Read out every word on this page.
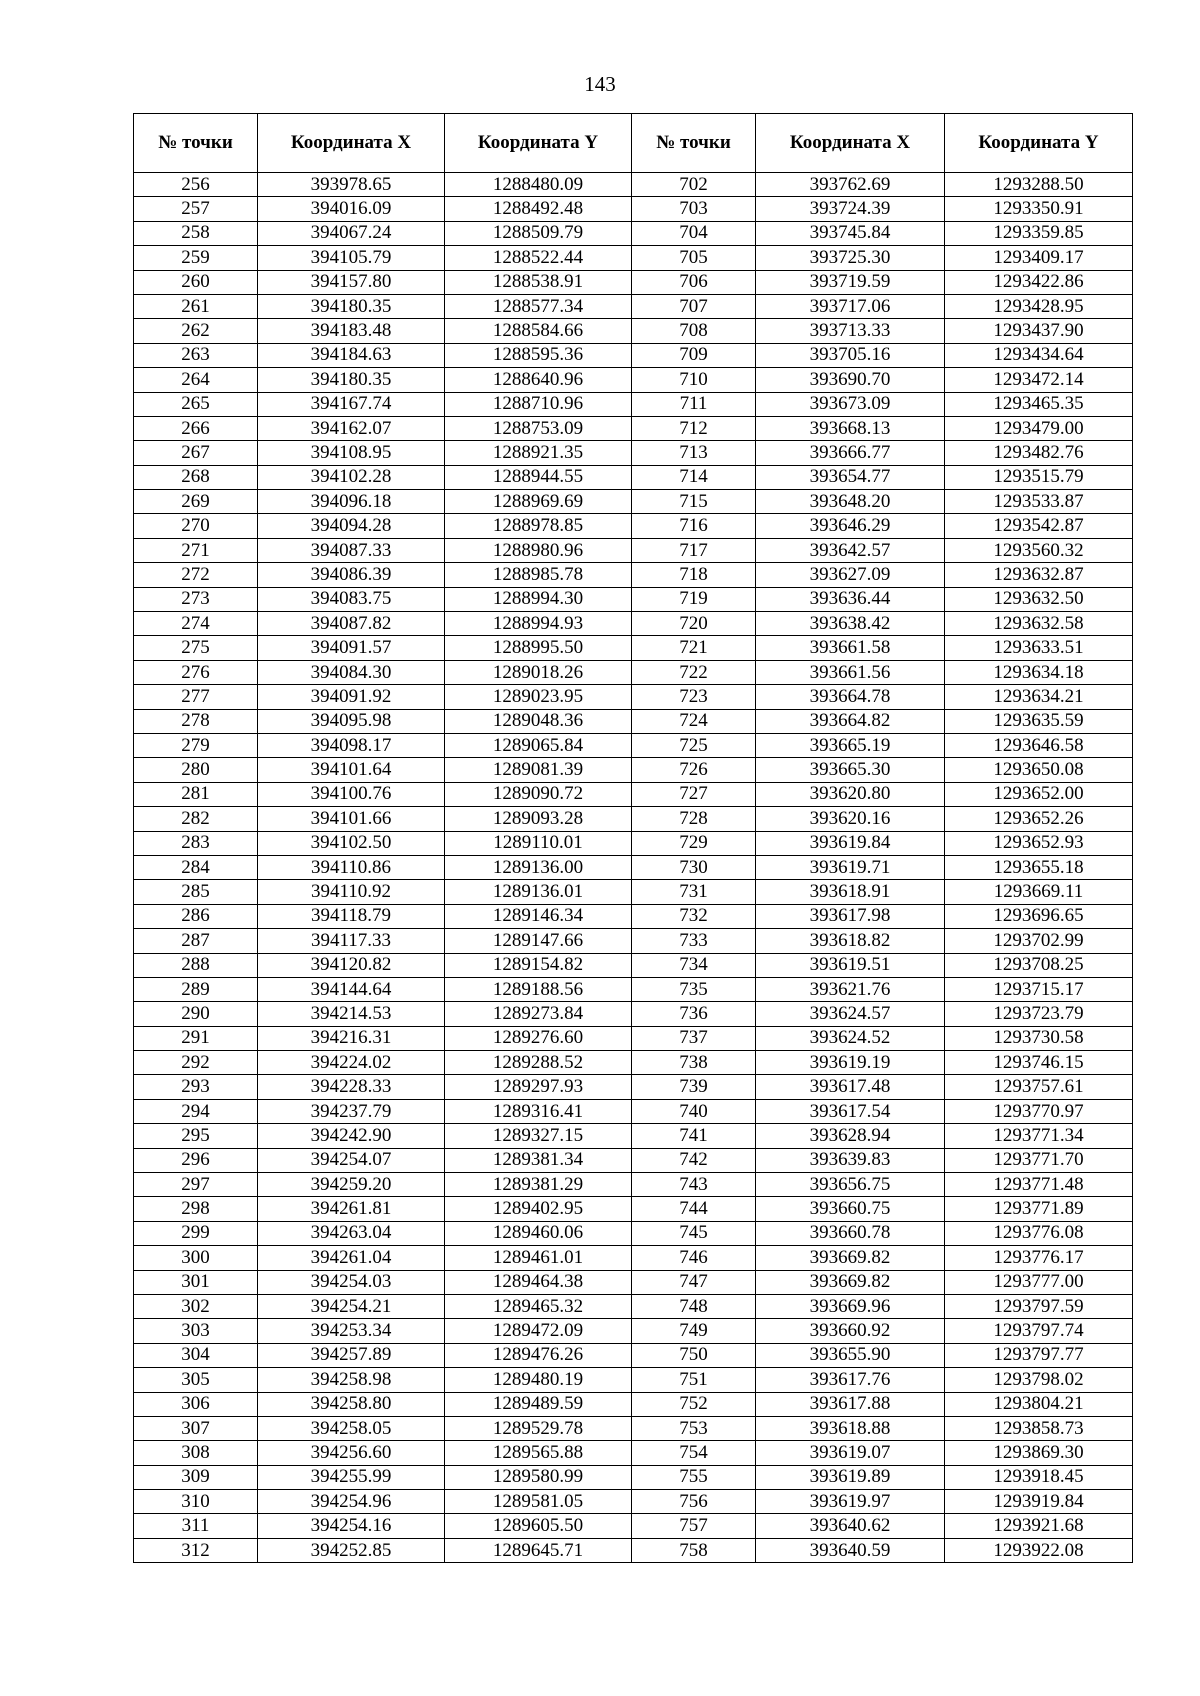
143
№ точки	Координата X	Координата Y	№ точки	Координата X	Координата Y
256	393978.65	1288480.09	702	393762.69	1293288.50
257	394016.09	1288492.48	703	393724.39	1293350.91
258	394067.24	1288509.79	704	393745.84	1293359.85
259	394105.79	1288522.44	705	393725.30	1293409.17
260	394157.80	1288538.91	706	393719.59	1293422.86
261	394180.35	1288577.34	707	393717.06	1293428.95
262	394183.48	1288584.66	708	393713.33	1293437.90
263	394184.63	1288595.36	709	393705.16	1293434.64
264	394180.35	1288640.96	710	393690.70	1293472.14
265	394167.74	1288710.96	711	393673.09	1293465.35
266	394162.07	1288753.09	712	393668.13	1293479.00
267	394108.95	1288921.35	713	393666.77	1293482.76
268	394102.28	1288944.55	714	393654.77	1293515.79
269	394096.18	1288969.69	715	393648.20	1293533.87
270	394094.28	1288978.85	716	393646.29	1293542.87
271	394087.33	1288980.96	717	393642.57	1293560.32
272	394086.39	1288985.78	718	393627.09	1293632.87
273	394083.75	1288994.30	719	393636.44	1293632.50
274	394087.82	1288994.93	720	393638.42	1293632.58
275	394091.57	1288995.50	721	393661.58	1293633.51
276	394084.30	1289018.26	722	393661.56	1293634.18
277	394091.92	1289023.95	723	393664.78	1293634.21
278	394095.98	1289048.36	724	393664.82	1293635.59
279	394098.17	1289065.84	725	393665.19	1293646.58
280	394101.64	1289081.39	726	393665.30	1293650.08
281	394100.76	1289090.72	727	393620.80	1293652.00
282	394101.66	1289093.28	728	393620.16	1293652.26
283	394102.50	1289110.01	729	393619.84	1293652.93
284	394110.86	1289136.00	730	393619.71	1293655.18
285	394110.92	1289136.01	731	393618.91	1293669.11
286	394118.79	1289146.34	732	393617.98	1293696.65
287	394117.33	1289147.66	733	393618.82	1293702.99
288	394120.82	1289154.82	734	393619.51	1293708.25
289	394144.64	1289188.56	735	393621.76	1293715.17
290	394214.53	1289273.84	736	393624.57	1293723.79
291	394216.31	1289276.60	737	393624.52	1293730.58
292	394224.02	1289288.52	738	393619.19	1293746.15
293	394228.33	1289297.93	739	393617.48	1293757.61
294	394237.79	1289316.41	740	393617.54	1293770.97
295	394242.90	1289327.15	741	393628.94	1293771.34
296	394254.07	1289381.34	742	393639.83	1293771.70
297	394259.20	1289381.29	743	393656.75	1293771.48
298	394261.81	1289402.95	744	393660.75	1293771.89
299	394263.04	1289460.06	745	393660.78	1293776.08
300	394261.04	1289461.01	746	393669.82	1293776.17
301	394254.03	1289464.38	747	393669.82	1293777.00
302	394254.21	1289465.32	748	393669.96	1293797.59
303	394253.34	1289472.09	749	393660.92	1293797.74
304	394257.89	1289476.26	750	393655.90	1293797.77
305	394258.98	1289480.19	751	393617.76	1293798.02
306	394258.80	1289489.59	752	393617.88	1293804.21
307	394258.05	1289529.78	753	393618.88	1293858.73
308	394256.60	1289565.88	754	393619.07	1293869.30
309	394255.99	1289580.99	755	393619.89	1293918.45
310	394254.96	1289581.05	756	393619.97	1293919.84
311	394254.16	1289605.50	757	393640.62	1293921.68
312	394252.85	1289645.71	758	393640.59	1293922.08
